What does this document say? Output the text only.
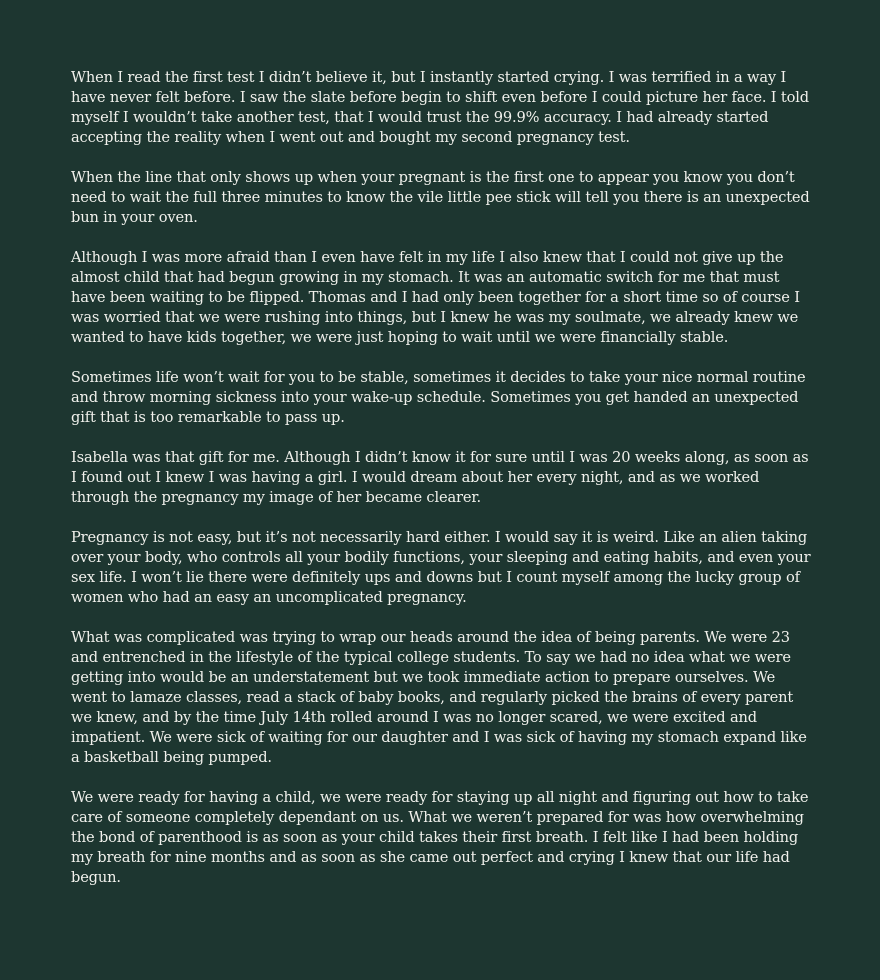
When I read the first test I didn’t believe it, but I instantly started crying. I was terrified in a way I have never felt before. I saw the slate before begin to shift even before I could picture her face. I told myself I wouldn’t take another test, that I would trust the 99.9% accuracy. I had already started accepting the reality when I went out and bought my second pregnancy test.

When the line that only shows up when your pregnant is the first one to appear you know you don’t need to wait the full three minutes to know the vile little pee stick will tell you there is an unexpected bun in your oven.

Although I was more afraid than I even have felt in my life I also knew that I could not give up the almost child that had begun growing in my stomach. It was an automatic switch for me that must have been waiting to be flipped. Thomas and I had only been together for a short time so of course I was worried that we were rushing into things, but I knew he was my soulmate, we already knew we wanted to have kids together, we were just hoping to wait until we were financially stable.

Sometimes life won’t wait for you to be stable, sometimes it decides to take your nice normal routine and throw morning sickness into your wake-up schedule. Sometimes you get handed an unexpected gift that is too remarkable to pass up.

Isabella was that gift for me. Although I didn’t know it for sure until I was 20 weeks along, as soon as I found out I knew I was having a girl. I would dream about her every night, and as we worked through the pregnancy my image of her became clearer.

Pregnancy is not easy, but it’s not necessarily hard either. I would say it is weird. Like an alien taking over your body, who controls all your bodily functions, your sleeping and eating habits, and even your sex life. I won’t lie there were definitely ups and downs but I count myself among the lucky group of women who had an easy an uncomplicated pregnancy.

What was complicated was trying to wrap our heads around the idea of being parents. We were 23 and entrenched in the lifestyle of the typical college students. To say we had no idea what we were getting into would be an understatement but we took immediate action to prepare ourselves. We went to lamaze classes, read a stack of baby books, and regularly picked the brains of every parent we knew, and by the time July 14th rolled around I was no longer scared, we were excited and impatient. We were sick of waiting for our daughter and I was sick of having my stomach expand like a basketball being pumped.

We were ready for having a child, we were ready for staying up all night and figuring out how to take care of someone completely dependant on us. What we weren’t prepared for was how overwhelming the bond of parenthood is as soon as your child takes their first breath. I felt like I had been holding my breath for nine months and as soon as she came out perfect and crying I knew that our life had begun.
